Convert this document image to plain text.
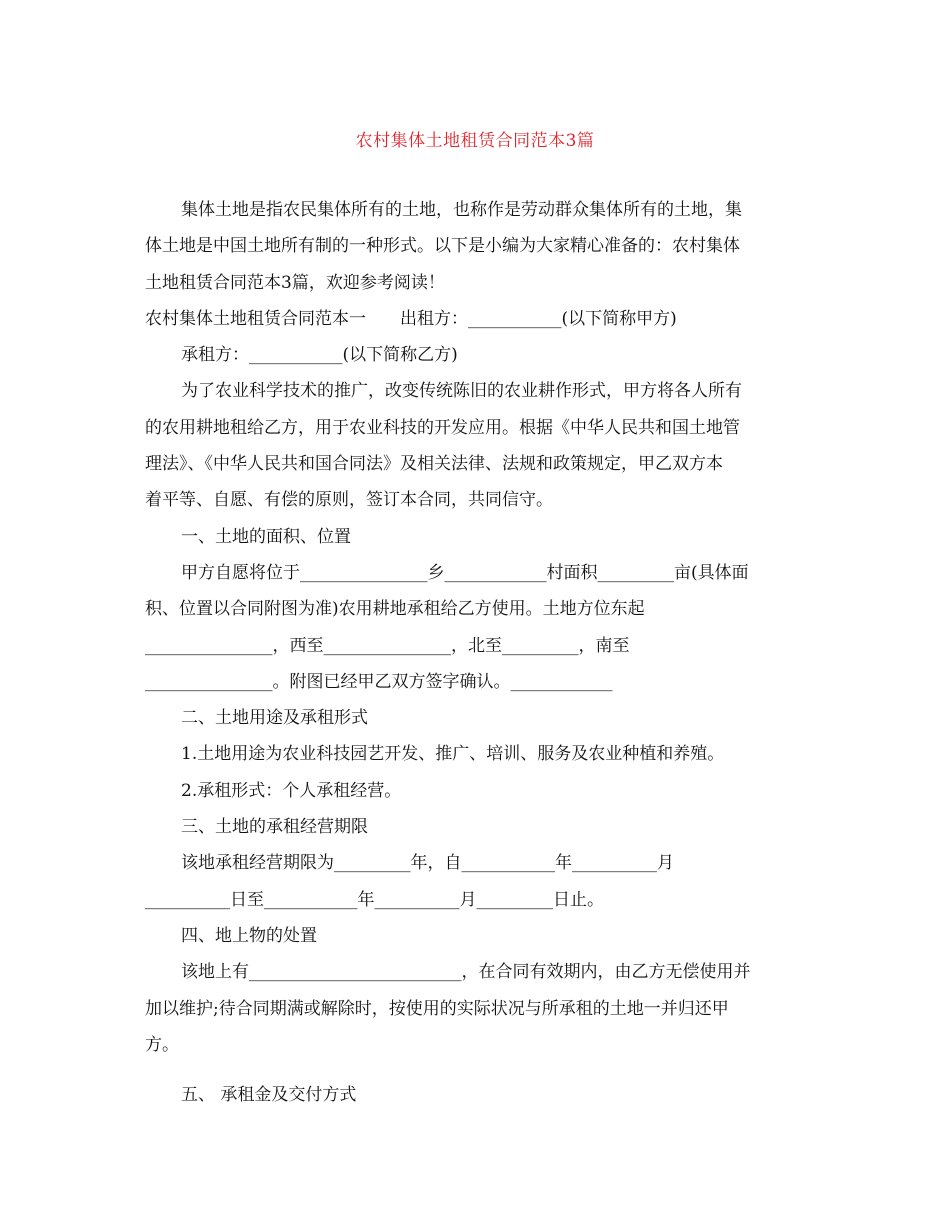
农村集体土地租赁合同范本3篇

集体土地是指农民集体所有的土地，也称作是劳动群众集体所有的土地，集

体土地是中国土地所有制的一种形式。以下是小编为大家精心准备的：农村集体

土地租赁合同范本3篇，欢迎参考阅读！

农村集体土地租赁合同范本一　　出租方：___________(以下简称甲方)

承租方：___________(以下简称乙方)

为了农业科学技术的推广，改变传统陈旧的农业耕作形式，甲方将各人所有

的农用耕地租给乙方，用于农业科技的开发应用。根据《中华人民共和国土地管

理法》、《中华人民共和国合同法》及相关法律、法规和政策规定，甲乙双方本

着平等、自愿、有偿的原则，签订本合同，共同信守。

一、土地的面积、位置

甲方自愿将位于_______________乡____________村面积_________亩(具体面

积、位置以合同附图为准)农用耕地承租给乙方使用。土地方位东起

_______________，西至_______________，北至_________，南至

_______________。附图已经甲乙双方签字确认。____________

二、土地用途及承租形式

1.土地用途为农业科技园艺开发、推广、培训、服务及农业种植和养殖。

2.承租形式：个人承租经营。

三、土地的承租经营期限

该地承租经营期限为_________年，自___________年__________月

__________日至___________年__________月_________日止。

四、地上物的处置

该地上有_________________________，在合同有效期内，由乙方无偿使用并

加以维护;待合同期满或解除时，按使用的实际状况与所承租的土地一并归还甲

方。

五、 承租金及交付方式
